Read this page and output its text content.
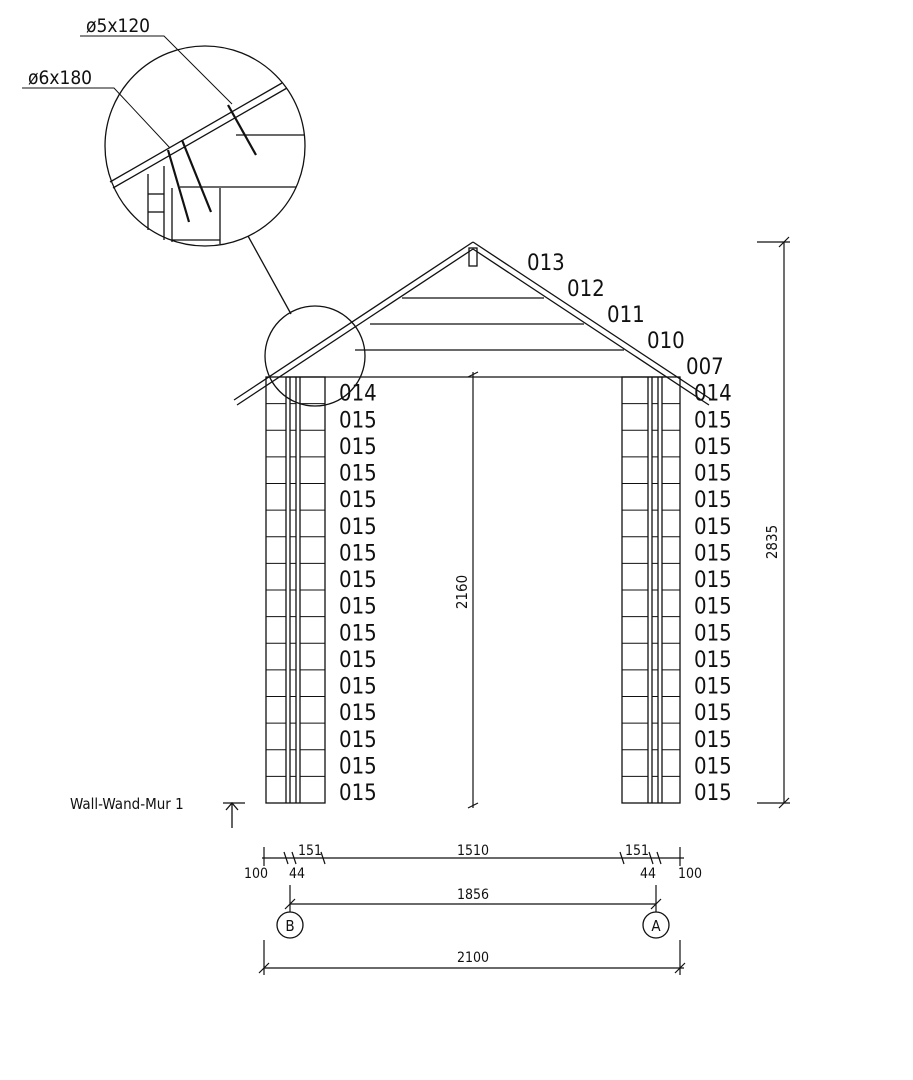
ø5x120
ø6x180
013
012
011
010
007
014
015
015
015
015
015
015
015
015
015
015
015
015
015
015
015
014
015
015
015
015
015
015
015
015
015
015
015
015
015
015
015
2835
2160
Wall-Wand-Mur 1
151	1510	151
100 44	44 100
1856
B	A
2100
